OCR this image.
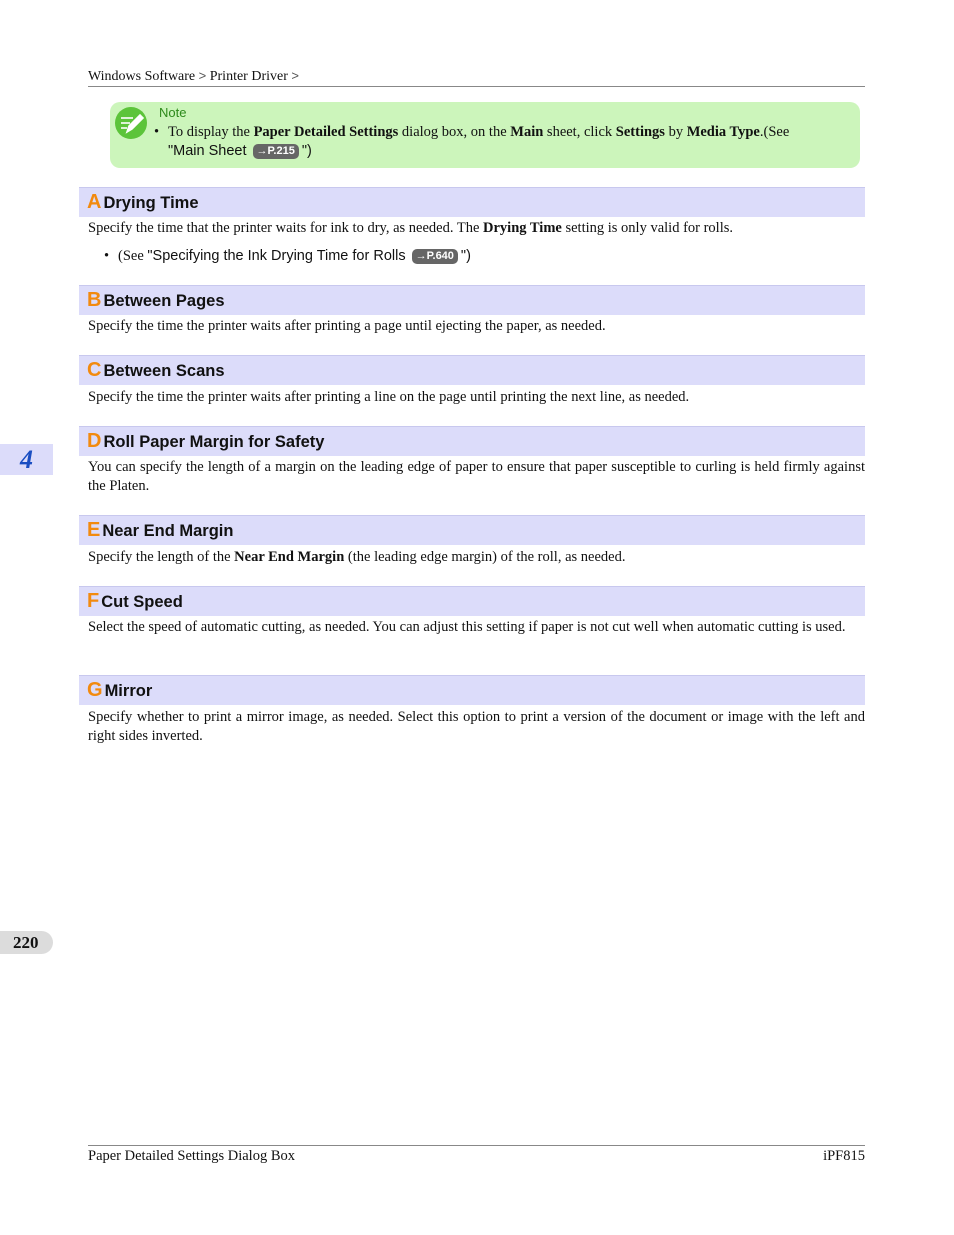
Windows Software > Printer Driver >
Note
• To display the Paper Detailed Settings dialog box, on the Main sheet, click Settings by Media Type.(See
"Main Sheet →P.215 ")
A Drying Time
Specify the time that the printer waits for ink to dry, as needed. The Drying Time setting is only valid for rolls.
• (See "Specifying the Ink Drying Time for Rolls →P.640 ")
B Between Pages
Specify the time the printer waits after printing a page until ejecting the paper, as needed.
C Between Scans
Specify the time the printer waits after printing a line on the page until printing the next line, as needed.
D Roll Paper Margin for Safety
You can specify the length of a margin on the leading edge of paper to ensure that paper susceptible to curling is held firmly against the Platen.
E Near End Margin
Specify the length of the Near End Margin (the leading edge margin) of the roll, as needed.
F Cut Speed
Select the speed of automatic cutting, as needed. You can adjust this setting if paper is not cut well when automatic cutting is used.
G Mirror
Specify whether to print a mirror image, as needed. Select this option to print a version of the document or image with the left and right sides inverted.
4
220
Paper Detailed Settings Dialog Box	iPF815
